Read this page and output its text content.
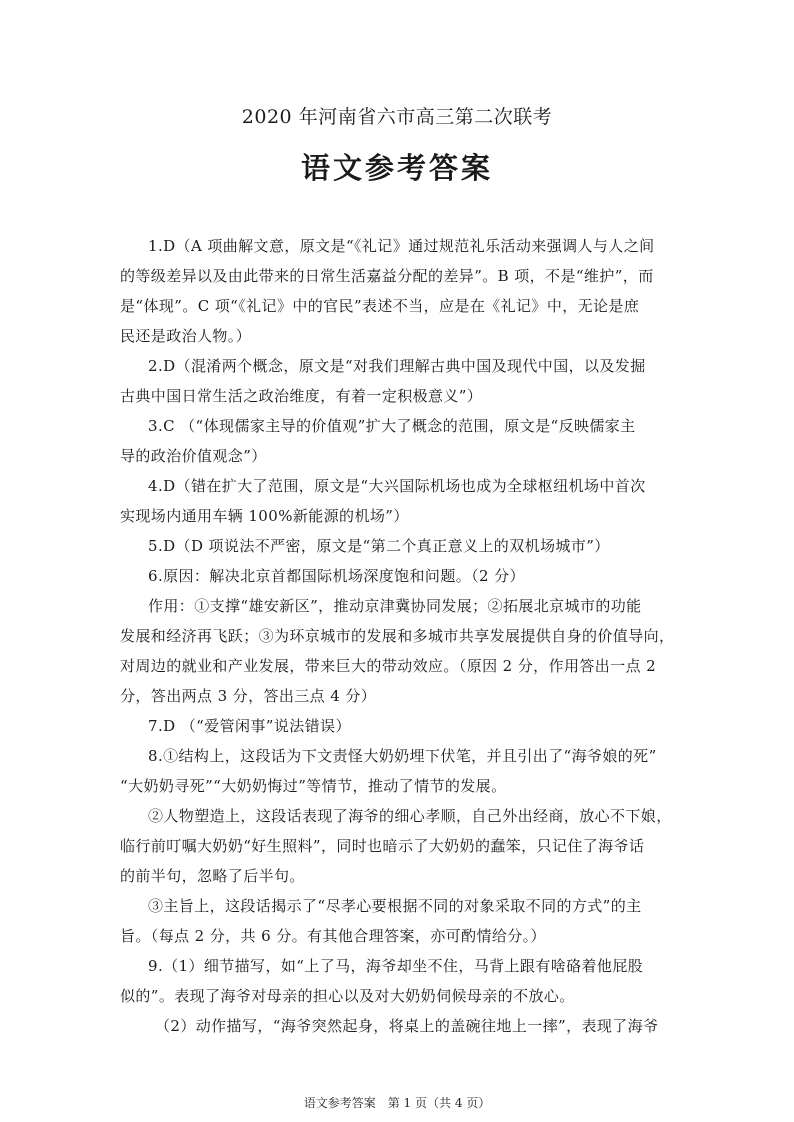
2020 年河南省六市高三第二次联考
语文参考答案
1.D（A 项曲解文意，原文是“《礼记》通过规范礼乐活动来强调人与人之间
的等级差异以及由此带来的日常生活嘉益分配的差异”。B 项，不是“维护”，而
是“体现”。C 项“《礼记》中的官民”表述不当，应是在《礼记》中，无论是庶
民还是政治人物。）
2.D（混淆两个概念，原文是“对我们理解古典中国及现代中国，以及发掘
古典中国日常生活之政治维度，有着一定积极意义”）
3.C （“体现儒家主导的价值观”扩大了概念的范围，原文是“反映儒家主
导的政治价值观念”）
4.D（错在扩大了范围，原文是“大兴国际机场也成为全球枢纽机场中首次
实现场内通用车辆 100%新能源的机场”）
5.D（D 项说法不严密，原文是“第二个真正意义上的双机场城市”）
6.原因：解决北京首都国际机场深度饱和问题。（2 分）
作用：①支撑“雄安新区”，推动京津冀协同发展；②拓展北京城市的功能
发展和经济再飞跃；③为环京城市的发展和多城市共享发展提供自身的价值导向，
对周边的就业和产业发展，带来巨大的带动效应。（原因 2 分，作用答出一点 2
分，答出两点 3 分，答出三点 4 分）
7.D （“爱管闲事”说法错误）
8.①结构上，这段话为下文责怪大奶奶埋下伏笔，并且引出了“海爷娘的死”
“大奶奶寻死”“大奶奶悔过”等情节，推动了情节的发展。
②人物塑造上，这段话表现了海爷的细心孝顺，自己外出经商，放心不下娘，
临行前叮嘱大奶奶“好生照料”，同时也暗示了大奶奶的蠢笨，只记住了海爷话
的前半句，忽略了后半句。
③主旨上，这段话揭示了“尽孝心要根据不同的对象采取不同的方式”的主
旨。（每点 2 分，共 6 分。有其他合理答案，亦可酌情给分。）
9.（1）细节描写，如“上了马，海爷却坐不住，马背上跟有啥硌着他屁股
似的”。表现了海爷对母亲的担心以及对大奶奶伺候母亲的不放心。
（2）动作描写，“海爷突然起身，将桌上的盖碗往地上一摔”，表现了海爷
语文参考答案　第 1 页（共 4 页）
